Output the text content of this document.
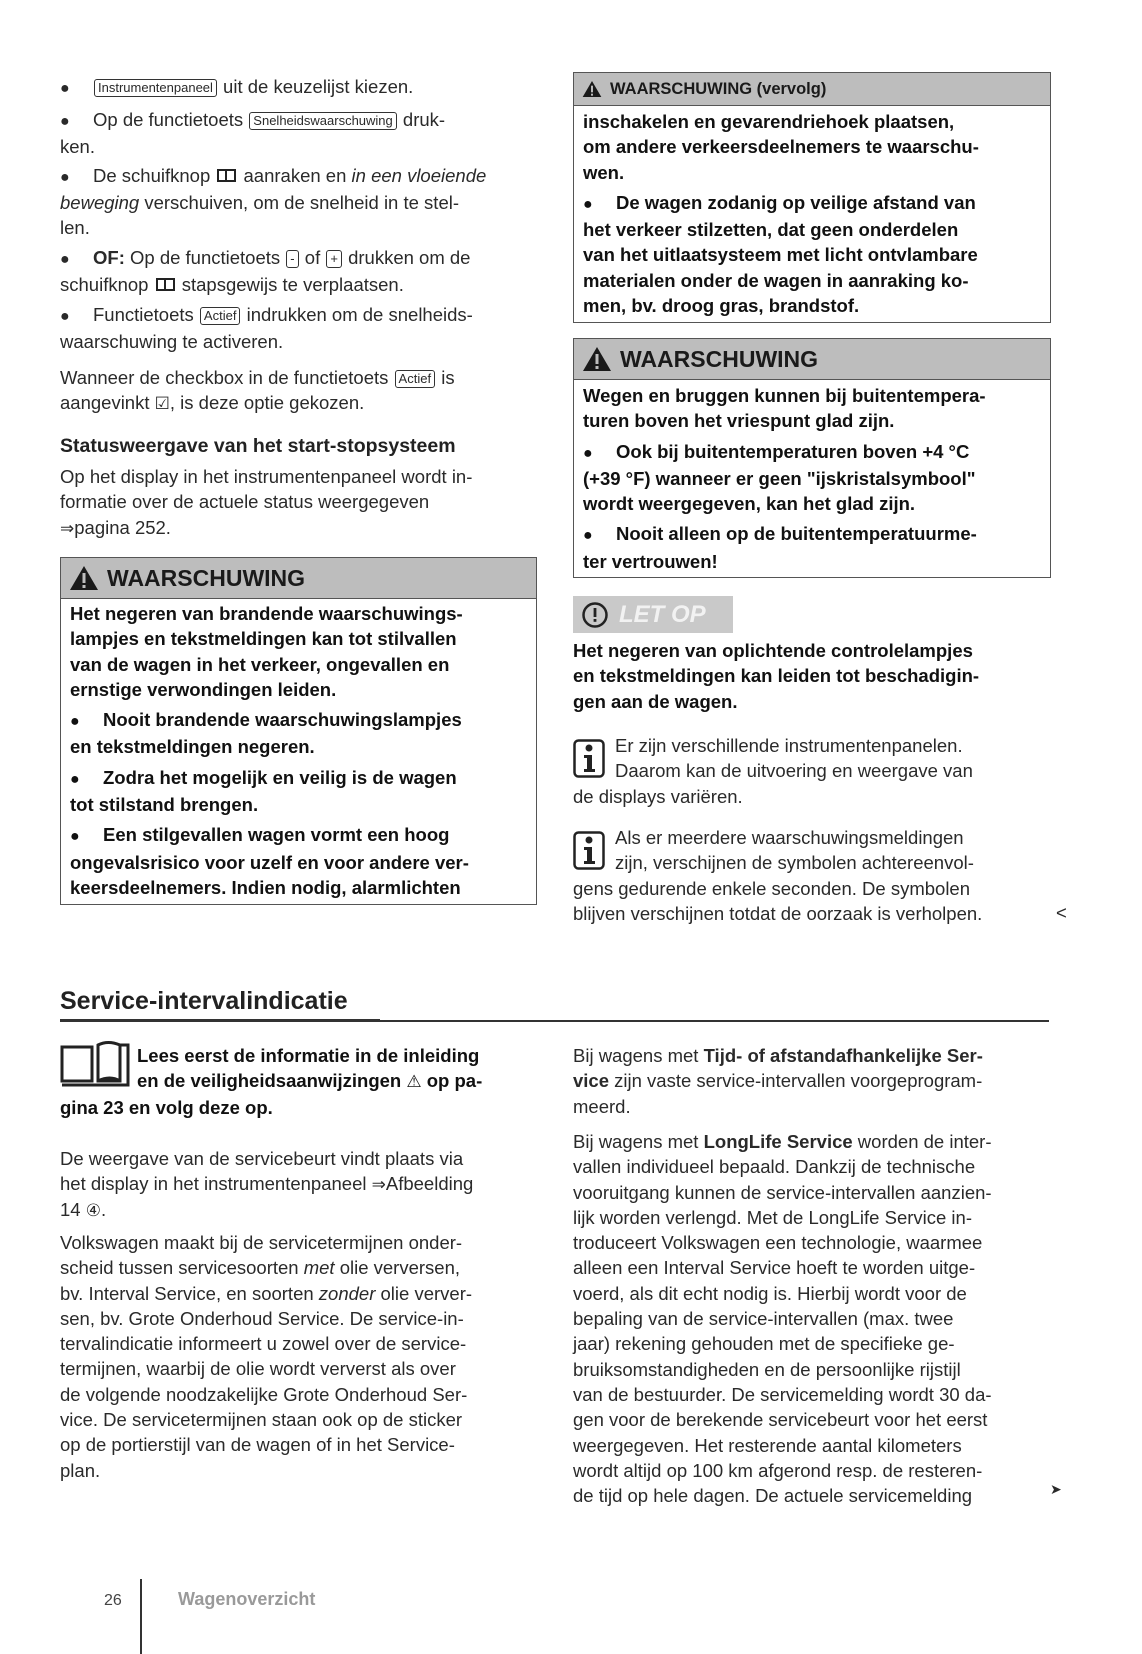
● Instrumentenpaneel uit de keuzelijst kiezen.
● Op de functietoets Snelheidswaarschuwing druk-
ken.
● De schuifknop  aanraken en in een vloeiende
beweging verschuiven, om de snelheid in te stel-
len.
● OF: Op de functietoets - of + drukken om de
schuifknop  stapsgewijs te verplaatsen.
● Functietoets Actief indrukken om de snelheids-
waarschuwing te activeren.
Wanneer de checkbox in de functietoets Actief is
aangevinkt ☑, is deze optie gekozen.
Statusweergave van het start-stopsysteem
Op het display in het instrumentenpaneel wordt in-
formatie over de actuele status weergegeven
⇒pagina 252.
WAARSCHUWING
Het negeren van brandende waarschuwings-
lampjes en tekstmeldingen kan tot stilvallen
van de wagen in het verkeer, ongevallen en
ernstige verwondingen leiden.
● Nooit brandende waarschuwingslampjes
en tekstmeldingen negeren.
● Zodra het mogelijk en veilig is de wagen
tot stilstand brengen.
● Een stilgevallen wagen vormt een hoog
ongevalsrisico voor uzelf en voor andere ver-
keersdeelnemers. Indien nodig, alarmlichten
WAARSCHUWING (vervolg)
inschakelen en gevarendriehoek plaatsen,
om andere verkeersdeelnemers te waarschu-
wen.
● De wagen zodanig op veilige afstand van
het verkeer stilzetten, dat geen onderdelen
van het uitlaatsysteem met licht ontvlambare
materialen onder de wagen in aanraking ko-
men, bv. droog gras, brandstof.
WAARSCHUWING
Wegen en bruggen kunnen bij buitentempera-
turen boven het vriespunt glad zijn.
● Ook bij buitentemperaturen boven +4 °C
(+39 °F) wanneer er geen "ijskristalsymbool"
wordt weergegeven, kan het glad zijn.
● Nooit alleen op de buitentemperatuurme-
ter vertrouwen!
LET OP
Het negeren van oplichtende controlelampjes
en tekstmeldingen kan leiden tot beschadigin-
gen aan de wagen.
Er zijn verschillende instrumentenpanelen.
Daarom kan de uitvoering en weergave van
de displays variëren.
Als er meerdere waarschuwingsmeldingen
zijn, verschijnen de symbolen achtereenvol-
gens gedurende enkele seconden. De symbolen
blijven verschijnen totdat de oorzaak is verholpen.	<
Service-intervalindicatie
Lees eerst de informatie in de inleiding
en de veiligheidsaanwijzingen ⚠ op pa-
gina 23 en volg deze op.
De weergave van de servicebeurt vindt plaats via
het display in het instrumentenpaneel ⇒Afbeelding
14 ④.
Volkswagen maakt bij de servicetermijnen onder-
scheid tussen servicesoorten met olie verversen,
bv. Interval Service, en soorten zonder olie verver-
sen, bv. Grote Onderhoud Service. De service-in-
tervalindicatie informeert u zowel over de service-
termijnen, waarbij de olie wordt ververst als over
de volgende noodzakelijke Grote Onderhoud Ser-
vice. De servicetermijnen staan ook op de sticker
op de portierstijl van de wagen of in het Service-
plan.
Bij wagens met Tijd- of afstandafhankelijke Ser-
vice zijn vaste service-intervallen voorgeprogram-
meerd.
Bij wagens met LongLife Service worden de inter-
vallen individueel bepaald. Dankzij de technische
vooruitgang kunnen de service-intervallen aanzien-
lijk worden verlengd. Met de LongLife Service in-
troduceert Volkswagen een technologie, waarmee
alleen een Interval Service hoeft te worden uitge-
voerd, als dit echt nodig is. Hierbij wordt voor de
bepaling van de service-intervallen (max. twee
jaar) rekening gehouden met de specifieke ge-
bruiksomstandigheden en de persoonlijke rijstijl
van de bestuurder. De servicemelding wordt 30 da-
gen voor de berekende servicebeurt voor het eerst
weergegeven. Het resterende aantal kilometers
wordt altijd op 100 km afgerond resp. de resteren-
de tijd op hele dagen. De actuele servicemelding	➤
26	Wagenoverzicht
